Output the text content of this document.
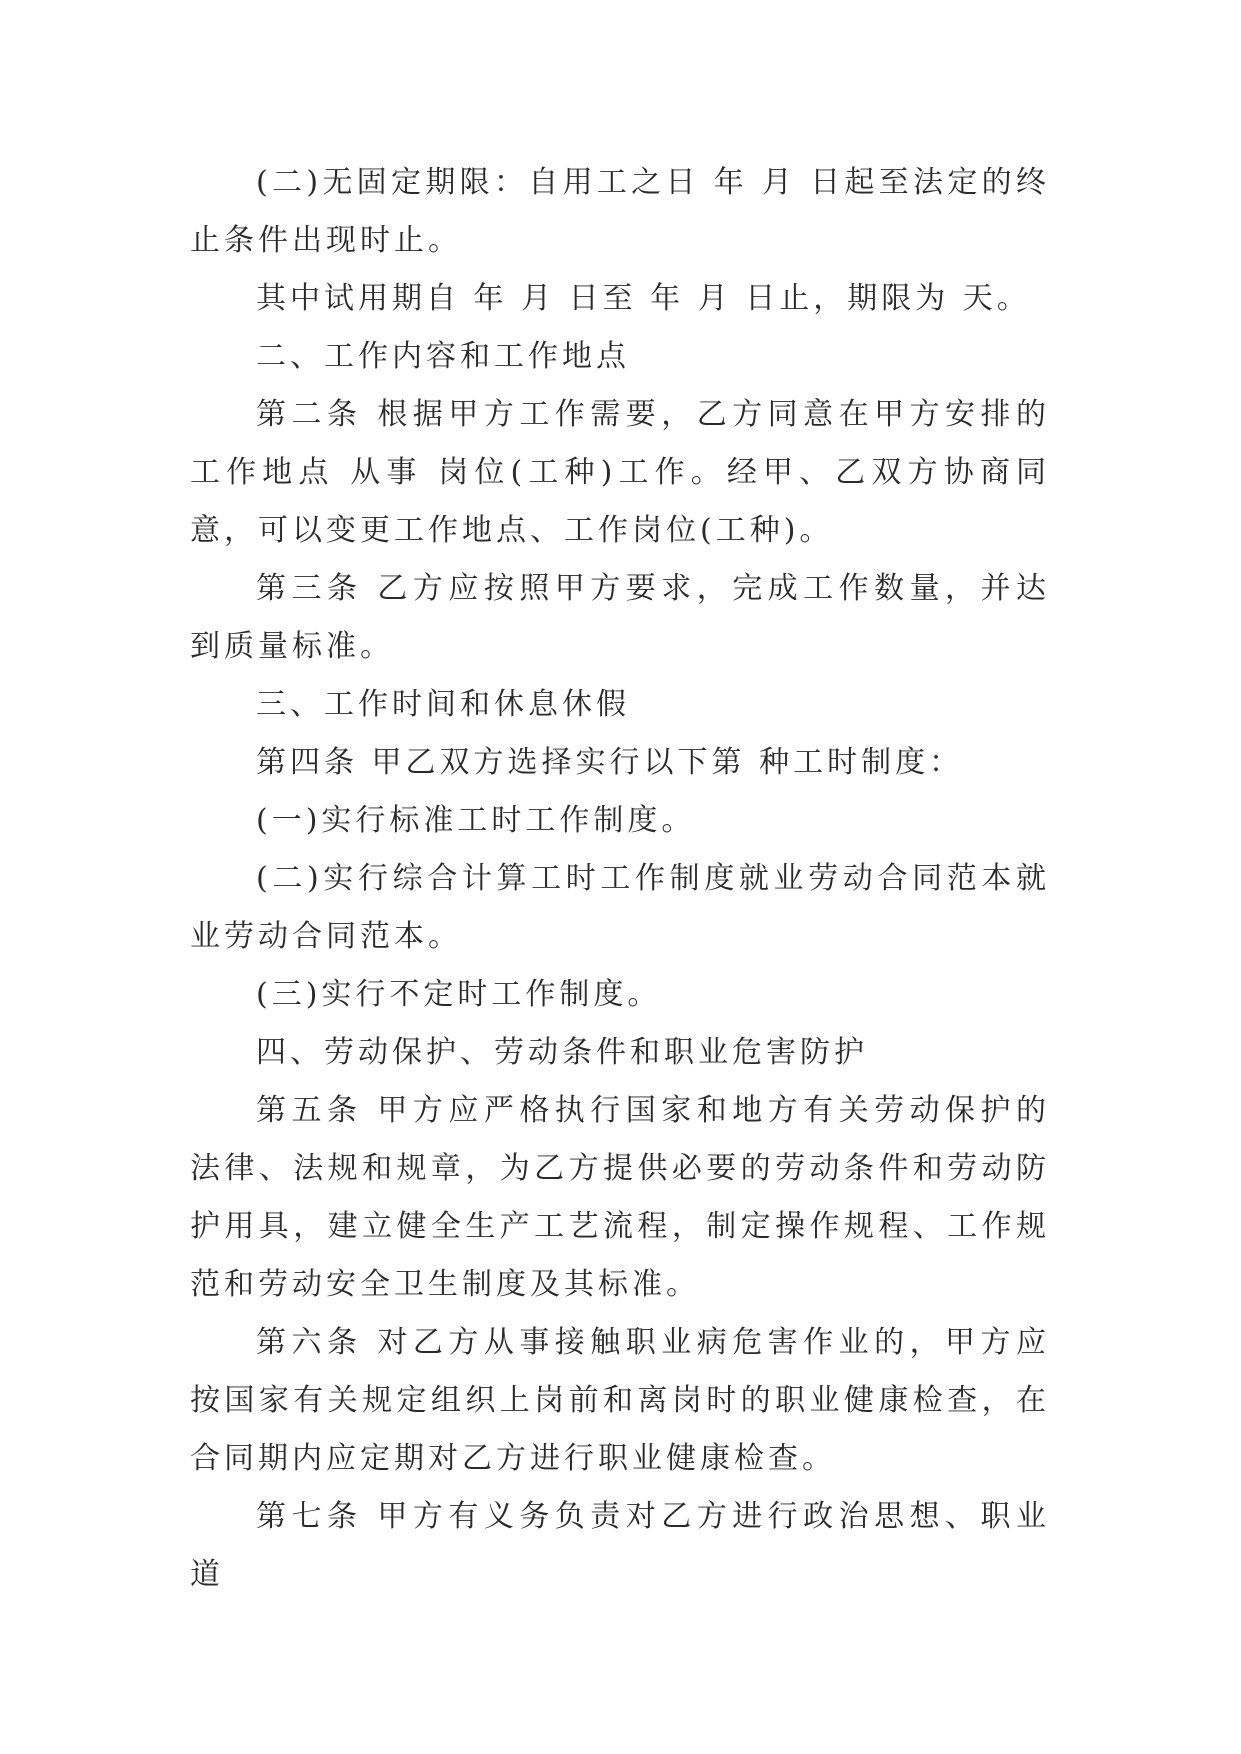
(二)无固定期限：自用工之日 年 月 日起至法定的终止条件出现时止。

其中试用期自 年 月 日至 年 月 日止，期限为 天。

二、工作内容和工作地点

第二条 根据甲方工作需要，乙方同意在甲方安排的工作地点 从事 岗位(工种)工作。经甲、乙双方协商同意，可以变更工作地点、工作岗位(工种)。

第三条 乙方应按照甲方要求，完成工作数量，并达到质量标准。

三、工作时间和休息休假

第四条 甲乙双方选择实行以下第 种工时制度：

(一)实行标准工时工作制度。

(二)实行综合计算工时工作制度就业劳动合同范本就业劳动合同范本。

(三)实行不定时工作制度。

四、劳动保护、劳动条件和职业危害防护

第五条 甲方应严格执行国家和地方有关劳动保护的法律、法规和规章，为乙方提供必要的劳动条件和劳动防护用具，建立健全生产工艺流程，制定操作规程、工作规范和劳动安全卫生制度及其标准。

第六条 对乙方从事接触职业病危害作业的，甲方应按国家有关规定组织上岗前和离岗时的职业健康检查，在合同期内应定期对乙方进行职业健康检查。

第七条 甲方有义务负责对乙方进行政治思想、职业道
